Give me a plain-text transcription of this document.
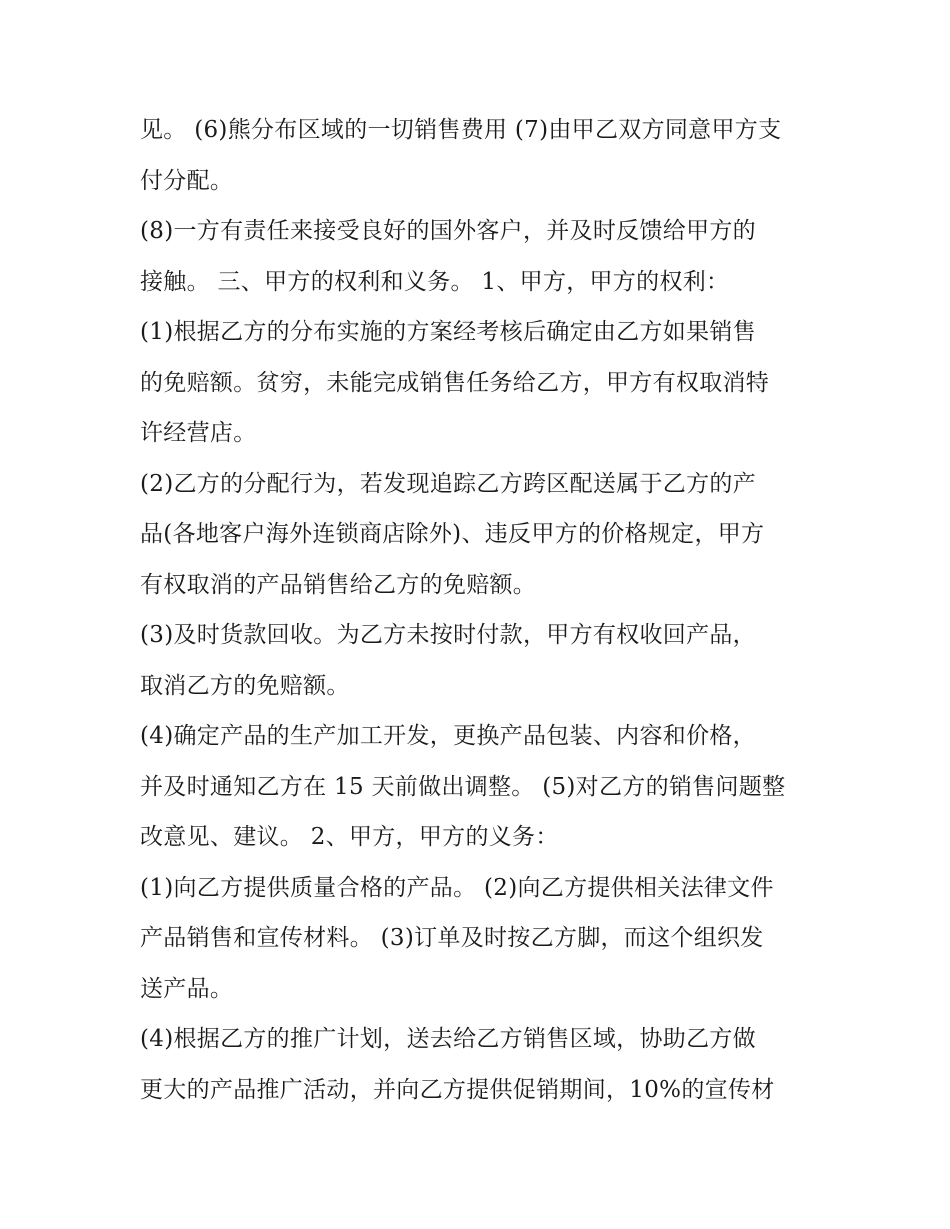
见。 (6)熊分布区域的一切销售费用 (7)由甲乙双方同意甲方支
付分配。
(8)一方有责任来接受良好的国外客户，并及时反馈给甲方的
接触。 三、甲方的权利和义务。 1、甲方，甲方的权利：
(1)根据乙方的分布实施的方案经考核后确定由乙方如果销售
的免赔额。贫穷，未能完成销售任务给乙方，甲方有权取消特
许经营店。
(2)乙方的分配行为，若发现追踪乙方跨区配送属于乙方的产
品(各地客户海外连锁商店除外)、违反甲方的价格规定，甲方
有权取消的产品销售给乙方的免赔额。
(3)及时货款回收。为乙方未按时付款，甲方有权收回产品，
取消乙方的免赔额。
(4)确定产品的生产加工开发，更换产品包装、内容和价格，
并及时通知乙方在 15 天前做出调整。 (5)对乙方的销售问题整
改意见、建议。 2、甲方，甲方的义务：
(1)向乙方提供质量合格的产品。 (2)向乙方提供相关法律文件
产品销售和宣传材料。 (3)订单及时按乙方脚，而这个组织发
送产品。
(4)根据乙方的推广计划，送去给乙方销售区域，协助乙方做
更大的产品推广活动，并向乙方提供促销期间，10%的宣传材
